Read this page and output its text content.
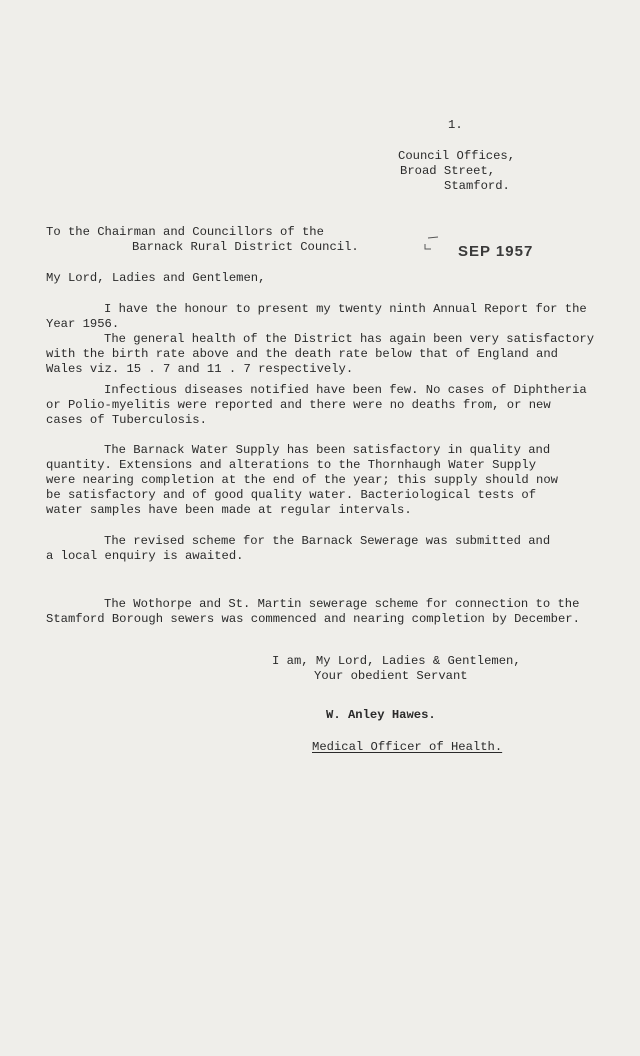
1.
Council Offices,
Broad Street,
Stamford.
To the Chairman and Councillors of the
Barnack Rural District Council.	SEP 1957
My Lord, Ladies and Gentlemen,
I have the honour to present my twenty ninth Annual Report for the
Year 1956.
The general health of the District has again been very satisfactory
with the birth rate above and the death rate below that of England and
Wales viz. 15 . 7 and 11 . 7 respectively.
Infectious diseases notified have been few. No cases of Diphtheria
or Polio-myelitis were reported and there were no deaths from, or new
cases of Tuberculosis.
The Barnack Water Supply has been satisfactory in quality and
quantity. Extensions and alterations to the Thornhaugh Water Supply
were nearing completion at the end of the year; this supply should now
be satisfactory and of good quality water. Bacteriological tests of
water samples have been made at regular intervals.
The revised scheme for the Barnack Sewerage was submitted and
a local enquiry is awaited.
The Wothorpe and St. Martin sewerage scheme for connection to the
Stamford Borough sewers was commenced and nearing completion by December.
I am, My Lord, Ladies & Gentlemen,
Your obedient Servant
W. Anley Hawes.
Medical Officer of Health.
